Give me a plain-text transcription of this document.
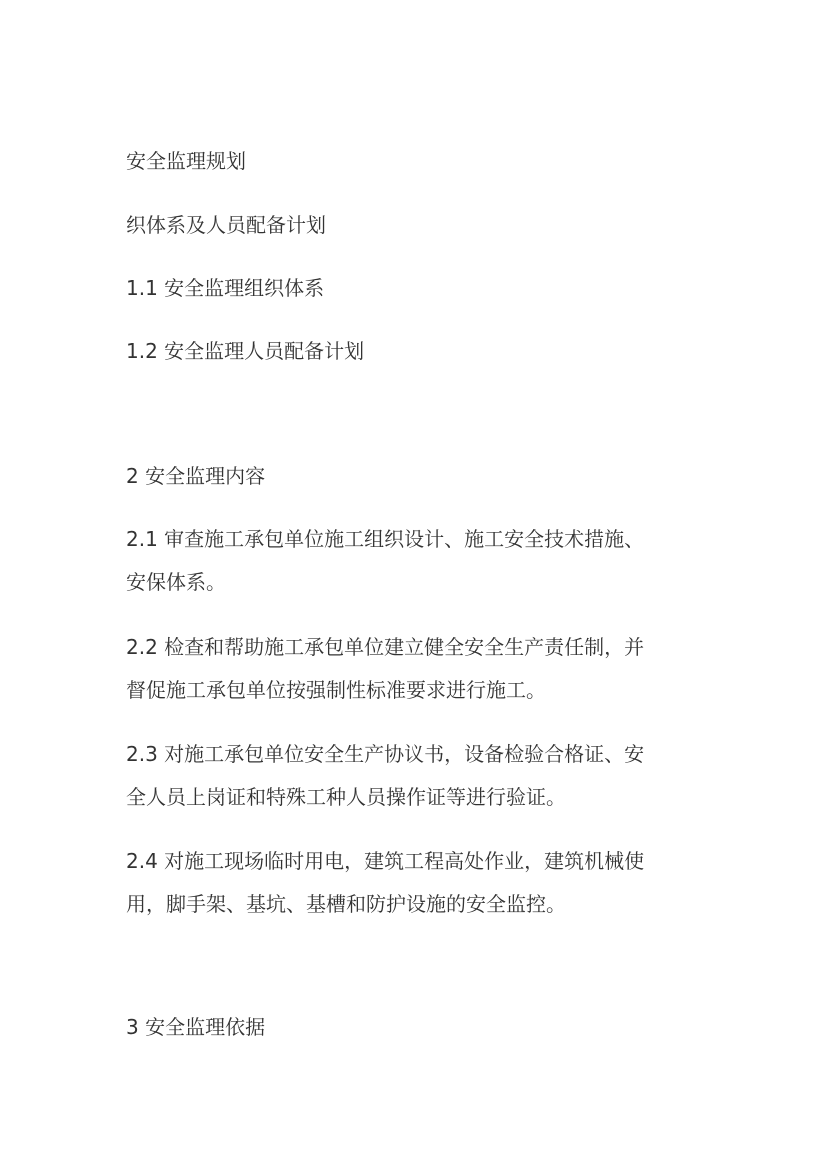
安全监理规划

织体系及人员配备计划

1.1 安全监理组织体系

1.2 安全监理人员配备计划

2 安全监理内容

2.1 审查施工承包单位施工组织设计、施工安全技术措施、

安保体系。

2.2 检查和帮助施工承包单位建立健全安全生产责任制，并

督促施工承包单位按强制性标准要求进行施工。

2.3 对施工承包单位安全生产协议书，设备检验合格证、安

全人员上岗证和特殊工种人员操作证等进行验证。

2.4 对施工现场临时用电，建筑工程高处作业，建筑机械使

用，脚手架、基坑、基槽和防护设施的安全监控。

3 安全监理依据
